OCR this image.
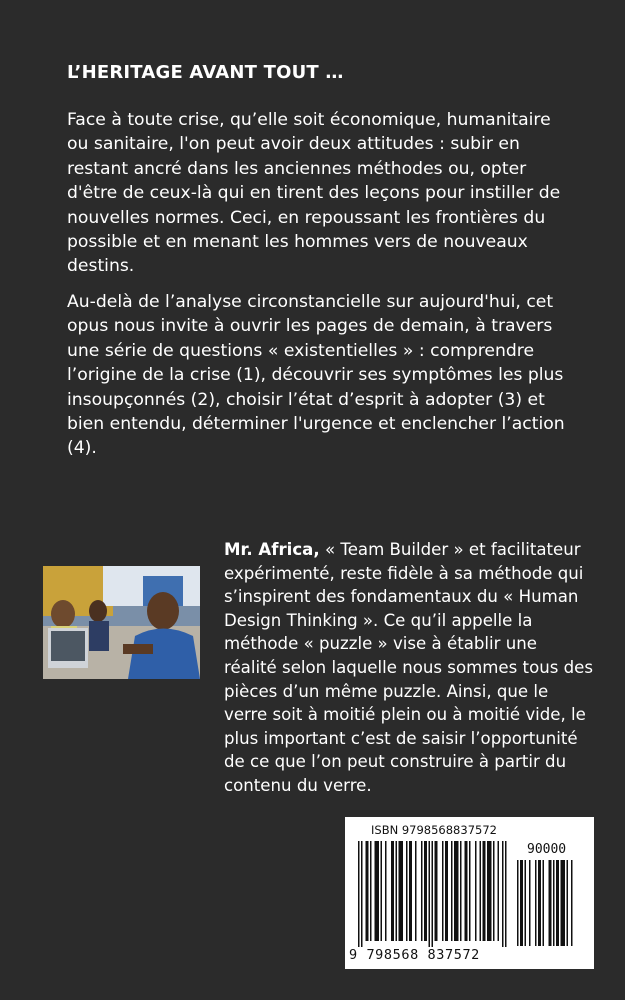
L’HERITAGE AVANT TOUT …

Face à toute crise, qu’elle soit économique, humanitaire ou sanitaire, l'on peut avoir deux attitudes : subir en restant ancré dans les anciennes méthodes ou, opter d'être de ceux-là qui en tirent des leçons pour instiller de nouvelles normes. Ceci, en repoussant les frontières du possible et en menant les hommes vers de nouveaux destins.

Au-delà de l’analyse circonstancielle sur aujourd'hui, cet opus nous invite à ouvrir les pages de demain, à travers une série de questions « existentielles » : comprendre l’origine de la crise (1), découvrir ses symptômes les plus insoupçonnés (2), choisir l’état d’esprit à adopter (3) et bien entendu, déterminer l'urgence et enclencher l’action (4).

Mr. Africa, « Team Builder » et facilitateur expérimenté, reste fidèle à sa méthode qui s’inspirent des fondamentaux du « Human Design Thinking ». Ce qu’il appelle la méthode « puzzle » vise à établir une réalité selon laquelle nous sommes tous des pièces d’un même puzzle. Ainsi, que le verre soit à moitié plein ou à moitié vide, le plus important c’est de saisir l’opportunité de ce que l’on peut construire à partir du contenu du verre.

ISBN 9798568837572
90000
9 798568 837572
